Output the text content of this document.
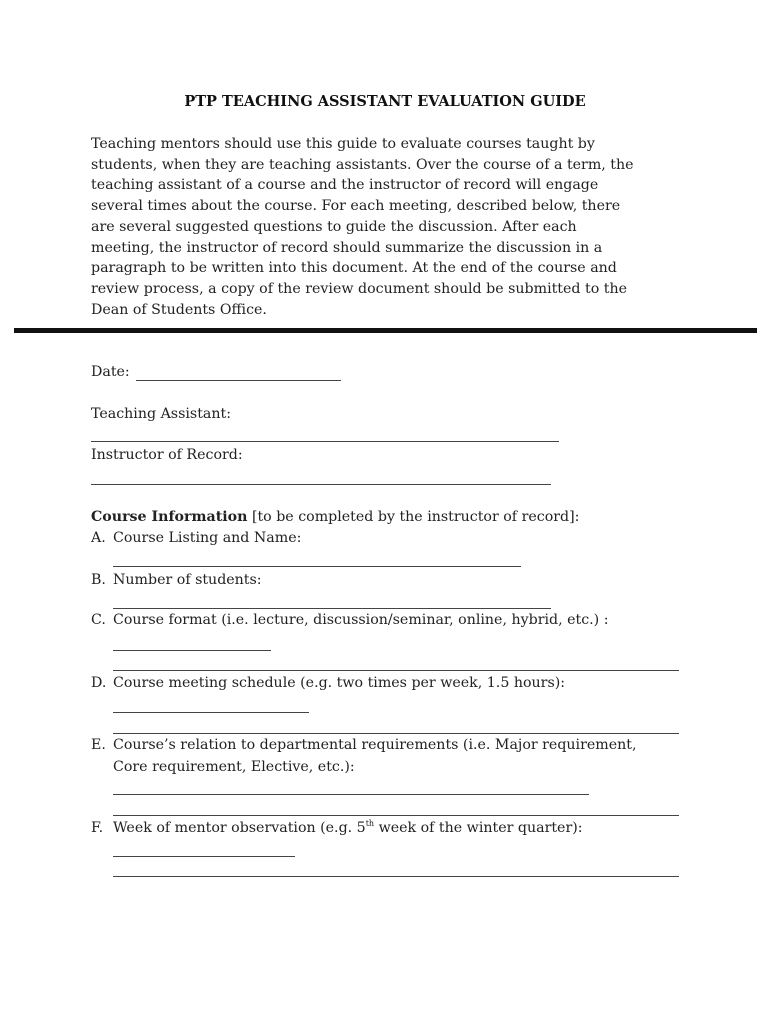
PTP TEACHING ASSISTANT EVALUATION GUIDE
Teaching mentors should use this guide to evaluate courses taught by
students, when they are teaching assistants. Over the course of a term, the
teaching assistant of a course and the instructor of record will engage
several times about the course. For each meeting, described below, there
are several suggested questions to guide the discussion. After each
meeting, the instructor of record should summarize the discussion in a
paragraph to be written into this document. At the end of the course and
review process, a copy of the review document should be submitted to the
Dean of Students Office.
Date:
Teaching Assistant:
Instructor of Record:
Course Information [to be completed by the instructor of record]:
A. Course Listing and Name:
B. Number of students:
C. Course format (i.e. lecture, discussion/seminar, online, hybrid, etc.) :
D. Course meeting schedule (e.g. two times per week, 1.5 hours):
E. Course’s relation to departmental requirements (i.e. Major requirement,
Core requirement, Elective, etc.):
F. Week of mentor observation (e.g. 5th week of the winter quarter):
